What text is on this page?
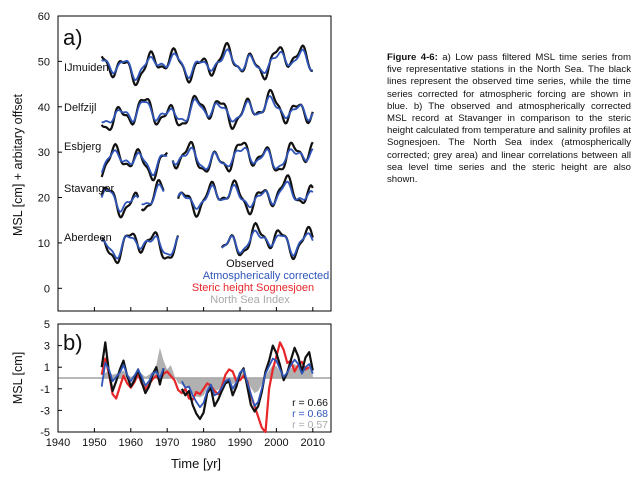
0
10
20
30
40
50
60
IJmuiden
Delfzijl
Esbjerg
Stavanger
Aberdeen
a)
MSL [cm] + arbitary offset
Observed
Atmospherically corrected
Steric height Sognesjoen
North Sea Index
5
3
1
-1
-3
-5
1940 1950 1960 1970 1980 1990 2000 2010
b)
MSL [cm]
Time [yr]
r = 0.66
r = 0.68
r = 0.57
Figure 4-6: a) Low pass filtered MSL time series from five representative stations in the North Sea. The black lines represent the observed time series, while the time series corrected for atmospheric forcing are shown in blue. b) The observed and atmospherically corrected MSL record at Stavanger in comparison to the steric height calculated from temperature and salinity profiles at Sognesjoen. The North Sea index (atmospherically corrected; grey area) and linear correlations between all sea level time series and the steric height are also shown.
